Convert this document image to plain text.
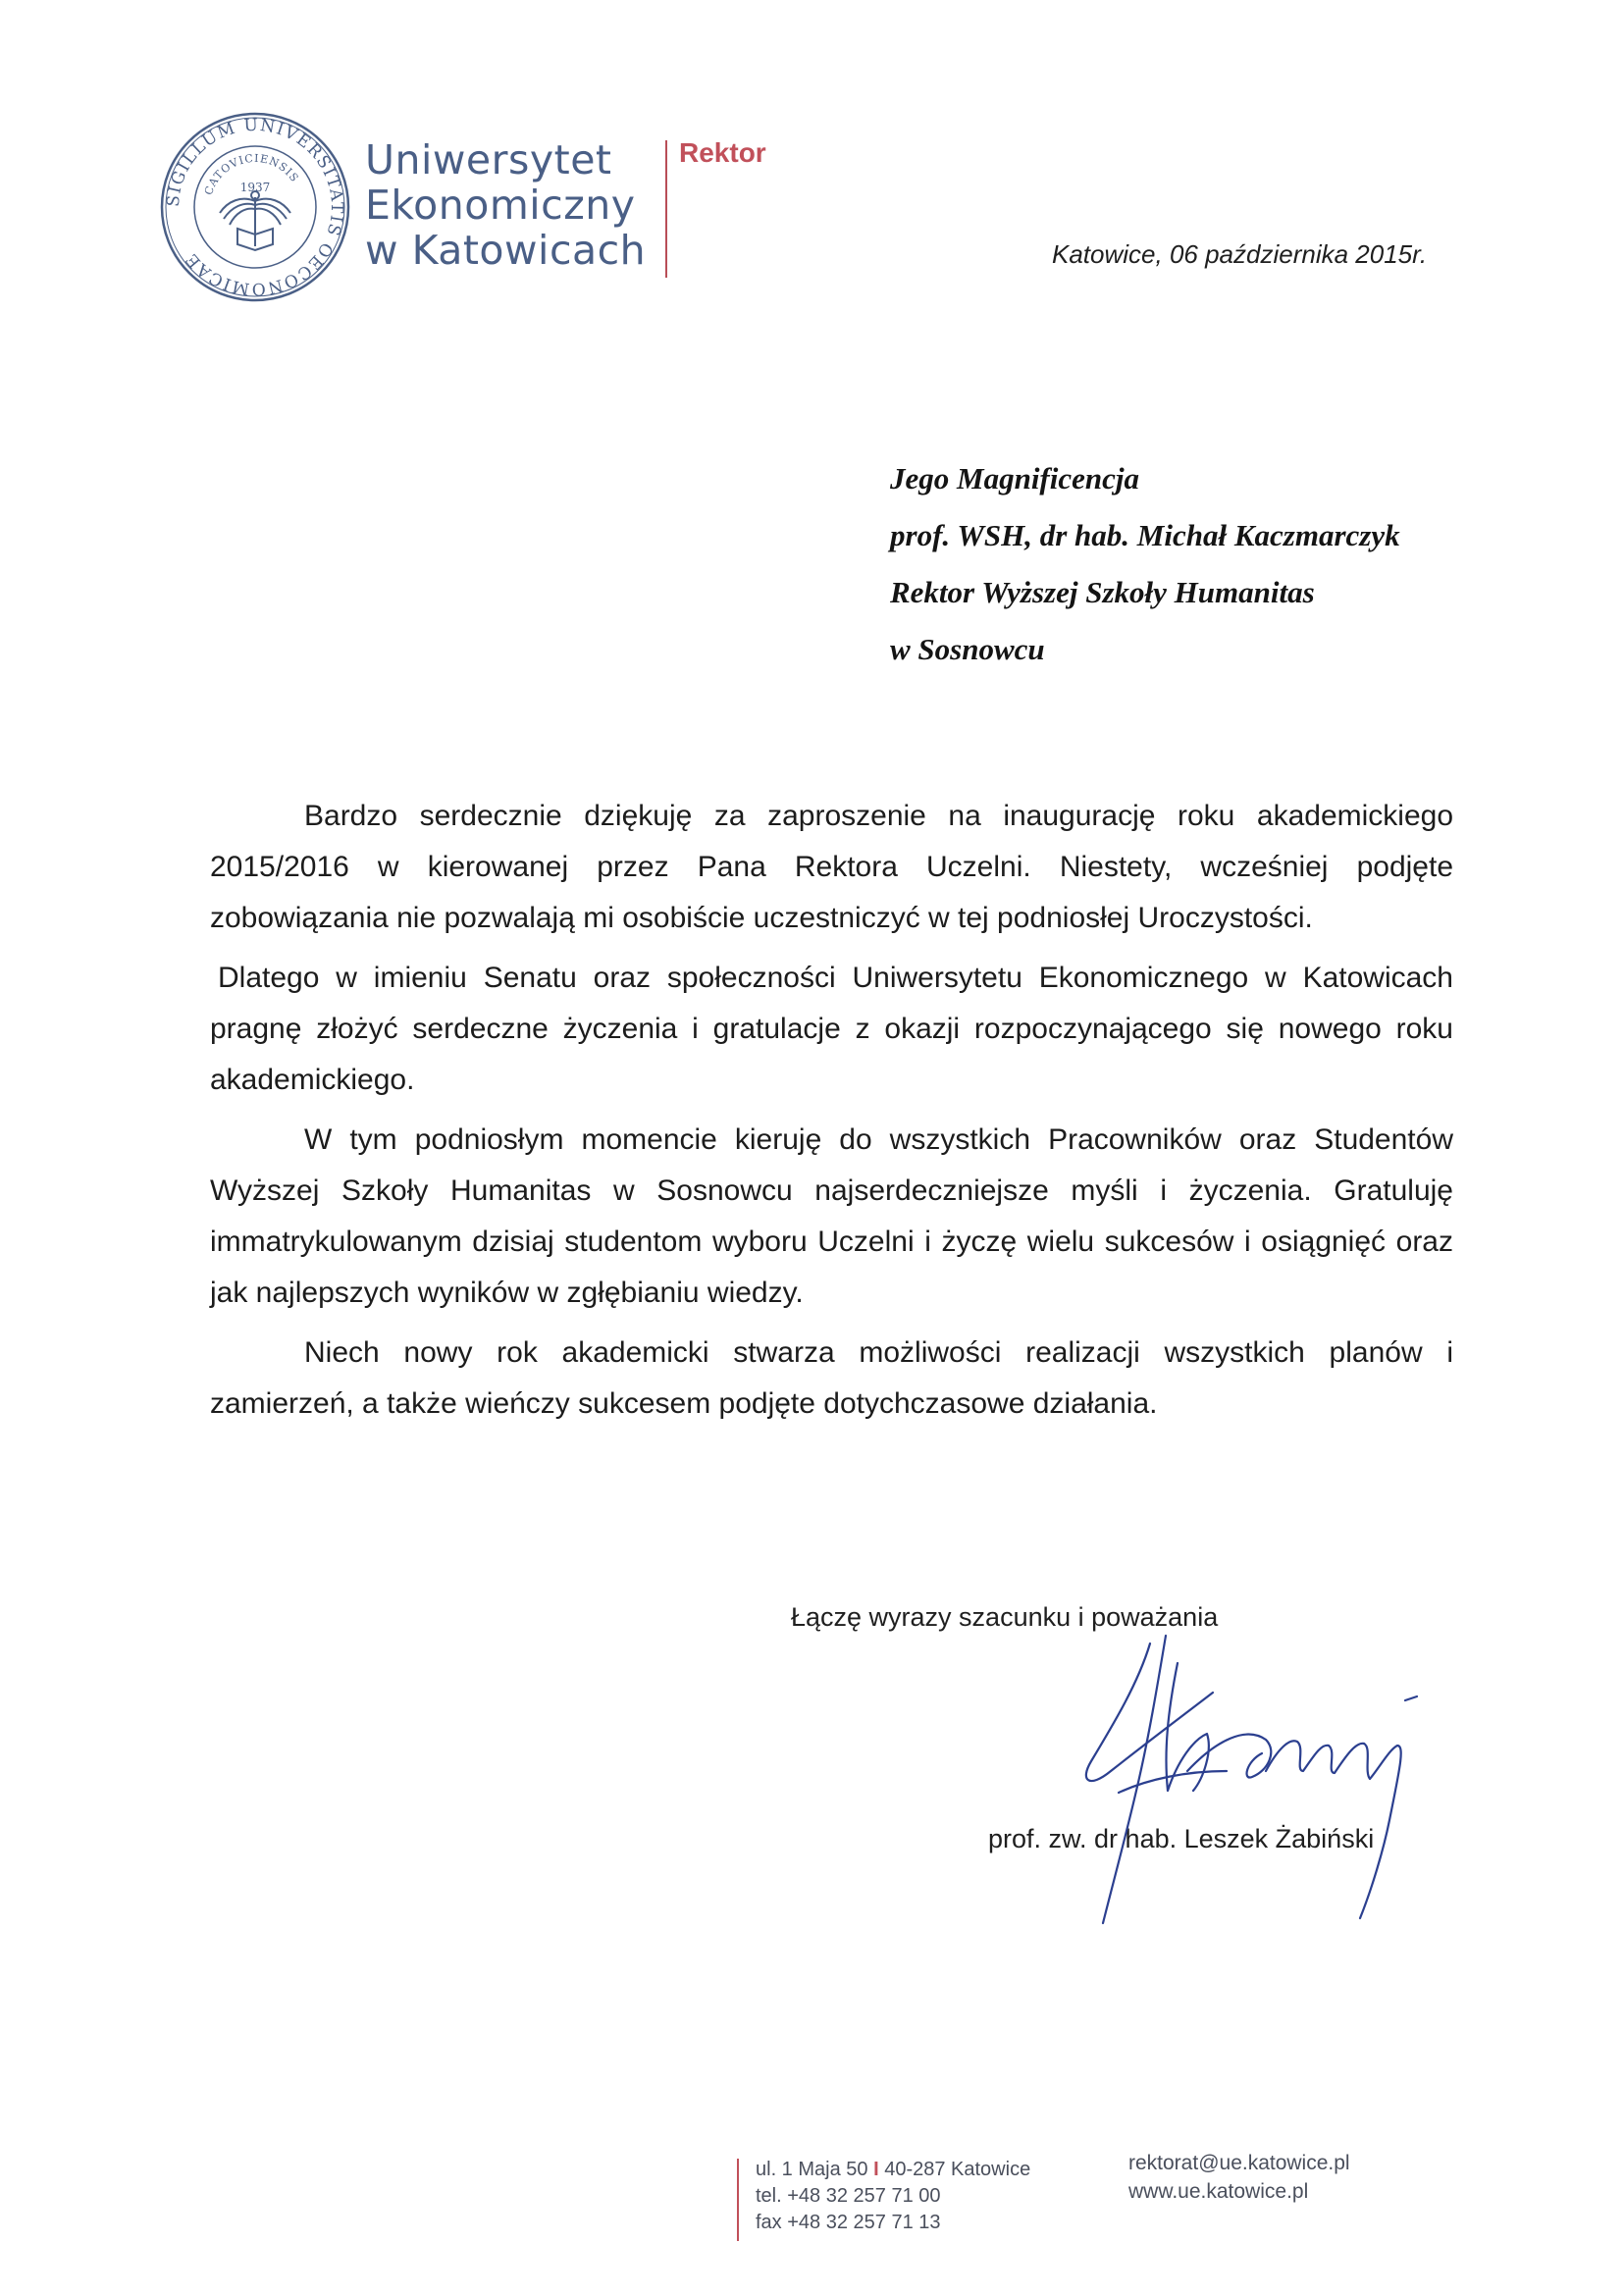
SIGILLUM UNIVERSITATIS OECONOMICAE
CATOVICIENSIS
1937
Uniwersytet
Ekonomiczny
w Katowicach
Rektor
Katowice, 06 października 2015r.
Jego Magnificencja
prof. WSH, dr hab. Michał Kaczmarczyk
Rektor Wyższej Szkoły Humanitas
w Sosnowcu

Bardzo serdecznie dziękuję za zaproszenie na inaugurację roku akademickiego 2015/2016 w kierowanej przez Pana Rektora Uczelni. Niestety, wcześniej podjęte zobowiązania nie pozwalają mi osobiście uczestniczyć w tej podniosłej Uroczystości.

Dlatego w imieniu Senatu oraz społeczności Uniwersytetu Ekonomicznego w Katowicach pragnę złożyć serdeczne życzenia i gratulacje z okazji rozpoczynającego się nowego roku akademickiego.

W tym podniosłym momencie kieruję do wszystkich Pracowników oraz Studentów Wyższej Szkoły Humanitas w Sosnowcu najserdeczniejsze myśli i życzenia. Gratuluję immatrykulowanym dzisiaj studentom wyboru Uczelni i życzę wielu sukcesów i osiągnięć oraz jak najlepszych wyników w zgłębianiu wiedzy.

Niech nowy rok akademicki stwarza możliwości realizacji wszystkich planów i zamierzeń, a także wieńczy sukcesem podjęte dotychczasowe działania.

Łączę wyrazy szacunku i poważania
prof. zw. dr hab. Leszek Żabiński
ul. 1 Maja 50 I 40-287 Katowice
tel. +48 32 257 71 00
fax +48 32 257 71 13
rektorat@ue.katowice.pl
www.ue.katowice.pl
